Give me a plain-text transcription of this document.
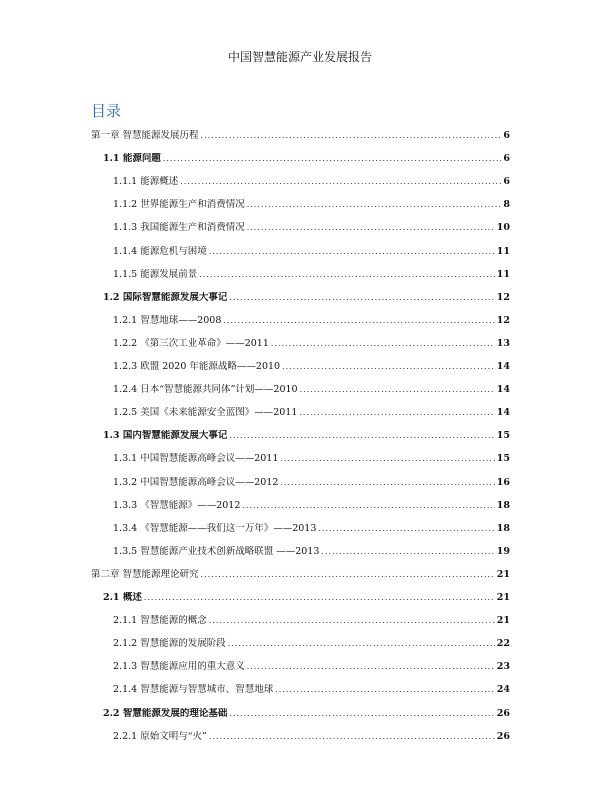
中国智慧能源产业发展报告
目录
第一章 智慧能源发展历程 .....	6
1.1 能源问题 .....	6
1.1.1 能源概述 .....	6
1.1.2 世界能源生产和消费情况 .....	8
1.1.3 我国能源生产和消费情况 .....	10
1.1.4 能源危机与困境 .....	11
1.1.5 能源发展前景 .....	11
1.2 国际智慧能源发展大事记 .....	12
1.2.1 智慧地球——2008 .....	12
1.2.2 《第三次工业革命》——2011 .....	13
1.2.3 欧盟 2020 年能源战略——2010 .....	14
1.2.4 日本“智慧能源共同体”计划——2010 .....	14
1.2.5 美国《未来能源安全蓝图》——2011 .....	14
1.3 国内智慧能源发展大事记 .....	15
1.3.1 中国智慧能源高峰会议——2011 .....	15
1.3.2 中国智慧能源高峰会议——2012 .....	16
1.3.3 《智慧能源》——2012 .....	18
1.3.4 《智慧能源——我们这一万年》——2013 .....	18
1.3.5 智慧能源产业技术创新战略联盟 ——2013 .....	19
第二章 智慧能源理论研究 .....	21
2.1 概述 .....	21
2.1.1 智慧能源的概念 .....	21
2.1.2 智慧能源的发展阶段 .....	22
2.1.3 智慧能源应用的重大意义 .....	23
2.1.4 智慧能源与智慧城市、智慧地球 .....	24
2.2 智慧能源发展的理论基础 .....	26
2.2.1 原始文明与“火” .....	26
